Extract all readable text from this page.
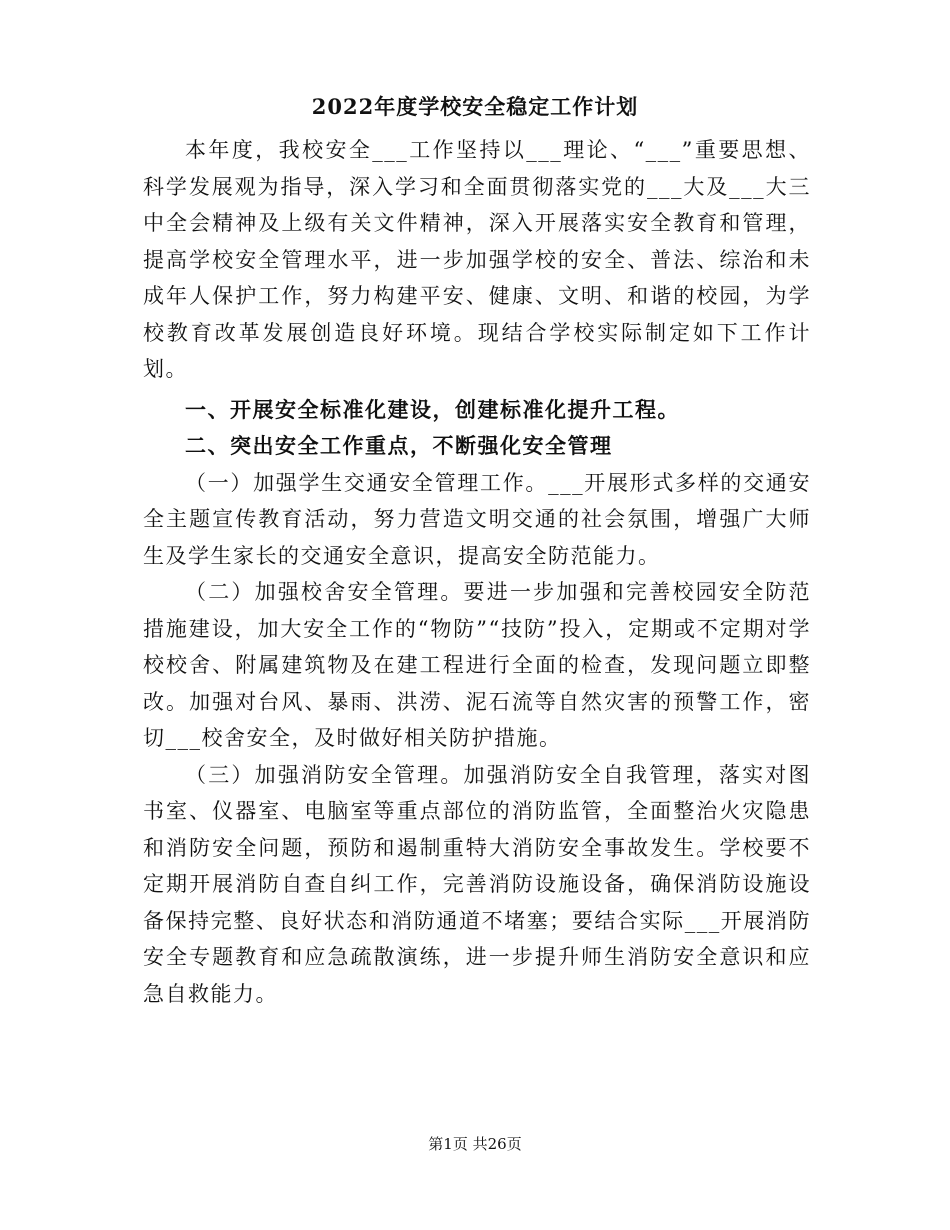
2022年度学校安全稳定工作计划

本年度，我校安全___工作坚持以___理论、“___”重要思想、科学发展观为指导，深入学习和全面贯彻落实党的___大及___大三中全会精神及上级有关文件精神，深入开展落实安全教育和管理，提高学校安全管理水平，进一步加强学校的安全、普法、综治和未成年人保护工作，努力构建平安、健康、文明、和谐的校园，为学校教育改革发展创造良好环境。现结合学校实际制定如下工作计划。

一、开展安全标准化建设，创建标准化提升工程。

二、突出安全工作重点，不断强化安全管理

（一）加强学生交通安全管理工作。___开展形式多样的交通安全主题宣传教育活动，努力营造文明交通的社会氛围，增强广大师生及学生家长的交通安全意识，提高安全防范能力。

（二）加强校舍安全管理。要进一步加强和完善校园安全防范措施建设，加大安全工作的“物防”“技防”投入，定期或不定期对学校校舍、附属建筑物及在建工程进行全面的检查，发现问题立即整改。加强对台风、暴雨、洪涝、泥石流等自然灾害的预警工作，密切___校舍安全，及时做好相关防护措施。

（三）加强消防安全管理。加强消防安全自我管理，落实对图书室、仪器室、电脑室等重点部位的消防监管，全面整治火灾隐患和消防安全问题，预防和遏制重特大消防安全事故发生。学校要不定期开展消防自查自纠工作，完善消防设施设备，确保消防设施设备保持完整、良好状态和消防通道不堵塞；要结合实际___开展消防安全专题教育和应急疏散演练，进一步提升师生消防安全意识和应急自救能力。

第1页 共26页
